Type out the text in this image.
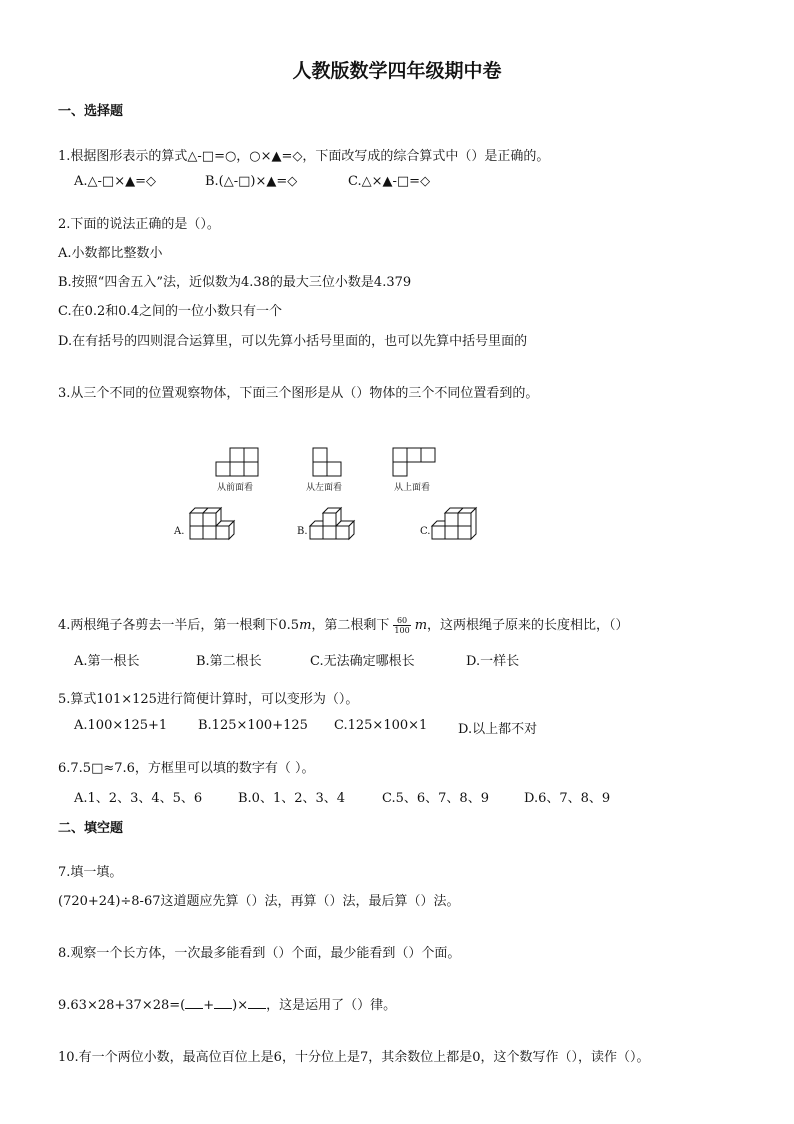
人教版数学四年级期中卷
一、选择题
1.根据图形表示的算式△-□=○，○×▲=◇，下面改写成的综合算式中（）是正确的。
A.△-□×▲=◇	B.(△-□)×▲=◇	C.△×▲-□=◇
2.下面的说法正确的是（）。
A.小数都比整数小
B.按照“四舍五入”法，近似数为4.38的最大三位小数是4.379
C.在0.2和0.4之间的一位小数只有一个
D.在有括号的四则混合运算里，可以先算小括号里面的，也可以先算中括号里面的
3.从三个不同的位置观察物体，下面三个图形是从（）物体的三个不同位置看到的。
从前面看	从左面看	从上面看
A.	B.	C.
4.两根绳子各剪去一半后，第一根剩下0.5m，第二根剩下 $\frac{60}{100}$ m，这两根绳子原来的长度相比，（）
A.第一根长	B.第二根长	C.无法确定哪根长	D.一样长
5.算式101×125进行简便计算时，可以变形为（）。
A.100×125+1 B.125×100+125 C.125×100×1 D.以上都不对
6.7.5□≈7.6，方框里可以填的数字有（ ）。
A.1、2、3、4、5、6	B.0、1、2、3、4	C.5、6、7、8、9	D.6、7、8、9
二、填空题
7.填一填。
(720+24)÷8-67这道题应先算（）法，再算（）法，最后算（）法。
8.观察一个长方体，一次最多能看到（）个面，最少能看到（）个面。
9.63×28+37×28=( + )× ，这是运用了（）律。
10.有一个两位小数，最高位百位上是6，十分位上是7，其余数位上都是0，这个数写作（），读作（）。
